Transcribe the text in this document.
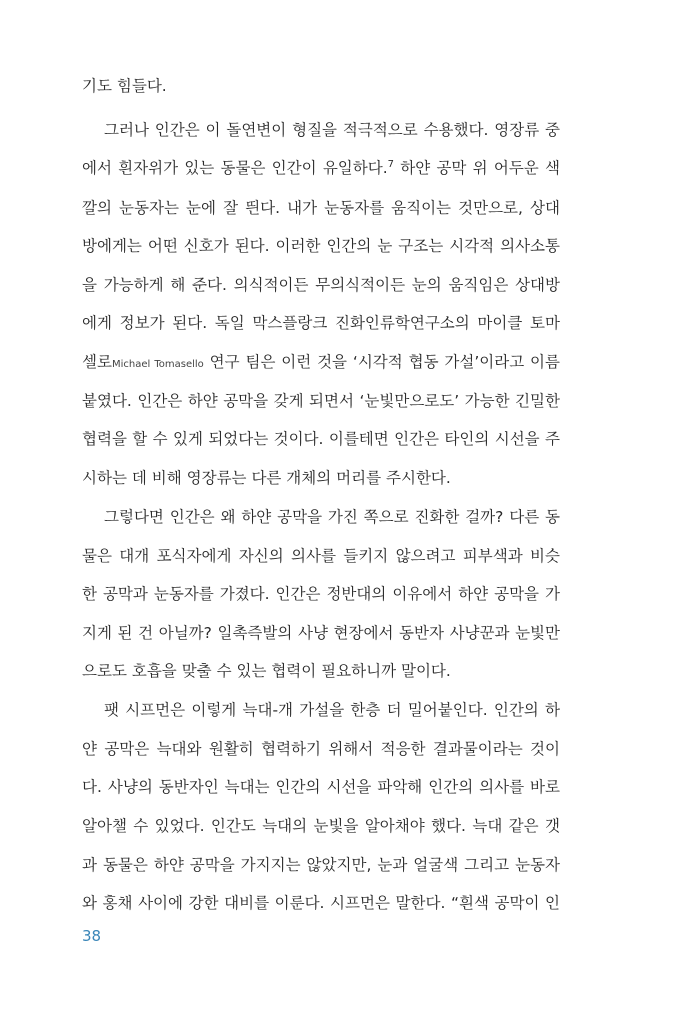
기도 힘들다.
그러나 인간은 이 돌연변이 형질을 적극적으로 수용했다. 영장류 중
에서 흰자위가 있는 동물은 인간이 유일하다.$^7$ 하얀 공막 위 어두운 색
깔의 눈동자는 눈에 잘 띈다. 내가 눈동자를 움직이는 것만으로, 상대
방에게는 어떤 신호가 된다. 이러한 인간의 눈 구조는 시각적 의사소통
을 가능하게 해 준다. 의식적이든 무의식적이든 눈의 움직임은 상대방
에게 정보가 된다. 독일 막스플랑크 진화인류학연구소의 마이클 토마
셀로Michael Tomasello 연구 팀은 이런 것을 ‘시각적 협동 가설’이라고 이름
붙였다. 인간은 하얀 공막을 갖게 되면서 ‘눈빛만으로도’ 가능한 긴밀한
협력을 할 수 있게 되었다는 것이다. 이를테면 인간은 타인의 시선을 주
시하는 데 비해 영장류는 다른 개체의 머리를 주시한다.
그렇다면 인간은 왜 하얀 공막을 가진 쪽으로 진화한 걸까? 다른 동
물은 대개 포식자에게 자신의 의사를 들키지 않으려고 피부색과 비슷
한 공막과 눈동자를 가졌다. 인간은 정반대의 이유에서 하얀 공막을 가
지게 된 건 아닐까? 일촉즉발의 사냥 현장에서 동반자 사냥꾼과 눈빛만
으로도 호흡을 맞출 수 있는 협력이 필요하니까 말이다.
팻 시프먼은 이렇게 늑대-개 가설을 한층 더 밀어붙인다. 인간의 하
얀 공막은 늑대와 원활히 협력하기 위해서 적응한 결과물이라는 것이
다. 사냥의 동반자인 늑대는 인간의 시선을 파악해 인간의 의사를 바로
알아챌 수 있었다. 인간도 늑대의 눈빛을 알아채야 했다. 늑대 같은 갯
과 동물은 하얀 공막을 가지지는 않았지만, 눈과 얼굴색 그리고 눈동자
와 홍채 사이에 강한 대비를 이룬다. 시프먼은 말한다. “흰색 공막이 인
38
